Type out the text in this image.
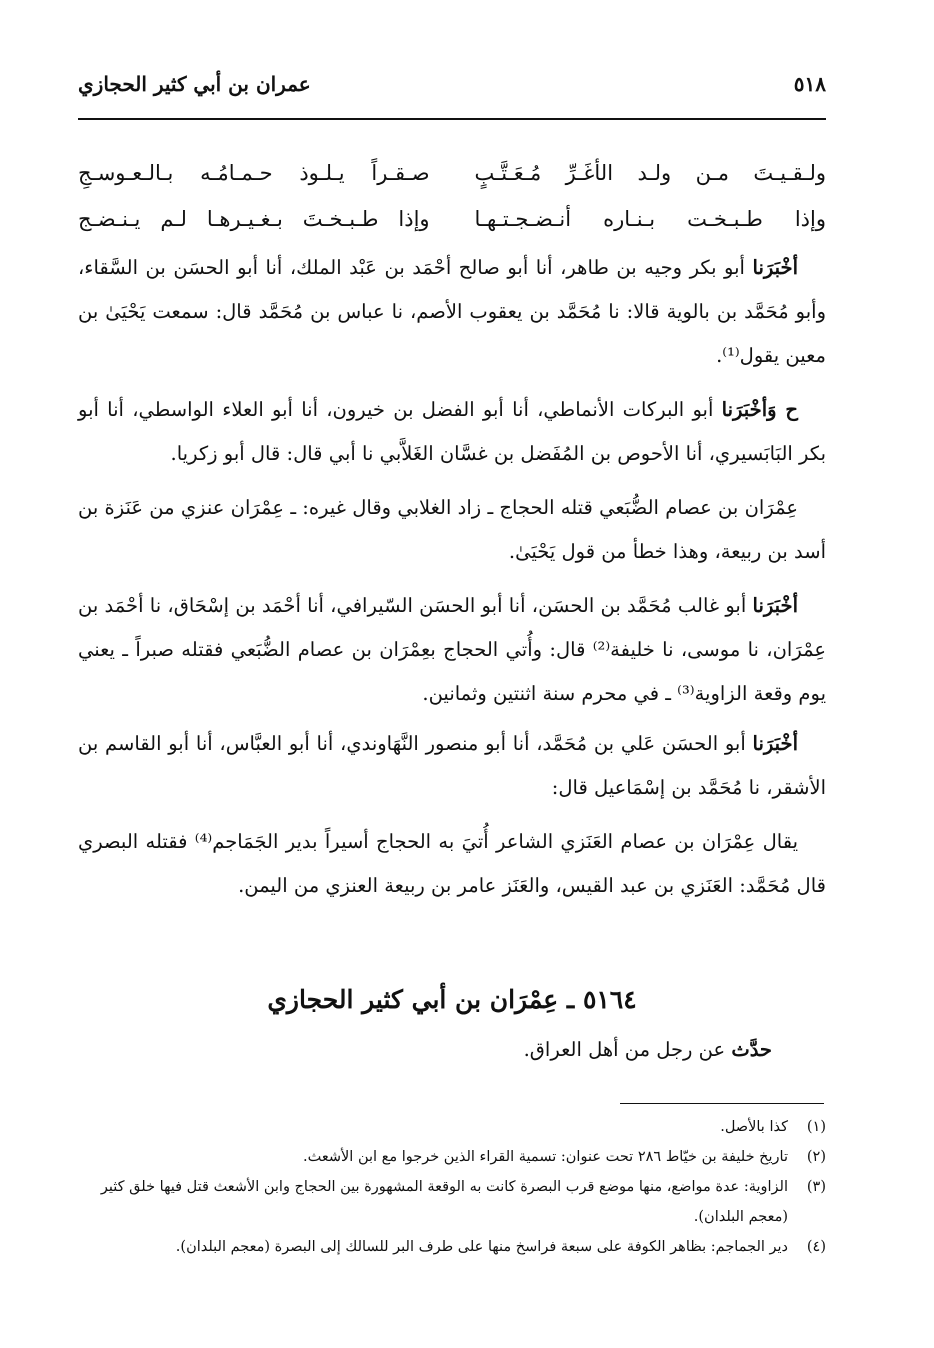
٥١٨
عمران بن أبي كثير الحجازي
ولـقـيـتَ مـن ولـد الأغَـرِّ مُـعَـتَّـبٍ
صـقـراً يـلـوذ حـمـامُـه بـالـعـوسـجِ
وإذا طـبـخـت بـنـاره أنـضـجـتـهـا
وإذا طـبـخـتَ بـغـيـرهـا لـم يـنـضـج

أخْبَرَنا أبو بكر وجيه بن طاهر، أنا أبو صالح أحْمَد بن عَبْد الملك، أنا أبو الحسَن بن السَّقاء، وأبو مُحَمَّد بن بالوية قالا: نا مُحَمَّد بن يعقوب الأصم، نا عباس بن مُحَمَّد قال: سمعت يَحْيَىٰ بن معين يقول⁽¹⁾.

ح وَأخْبَرَنا أبو البركات الأنماطي، أنا أبو الفضل بن خيرون، أنا أبو العلاء الواسطي، أنا أبو بكر البَابَسيري، أنا الأحوص بن المُفَضل بن غسَّان الغَلاَّبي نا أبي قال: قال أبو زكريا.

عِمْرَان بن عصام الضُّبَعي قتله الحجاج ـ زاد الغلابي وقال غيره: ـ عِمْرَان عنزي من عَنَزة بن أسد بن ربيعة، وهذا خطأ من قول يَحْيَىٰ.

أخْبَرَنا أبو غالب مُحَمَّد بن الحسَن، أنا أبو الحسَن السّيرافي، أنا أحْمَد بن إسْحَاق، نا أحْمَد بن عِمْرَان، نا موسى، نا خليفة⁽²⁾ قال: وأُتي الحجاج بعِمْرَان بن عصام الضُّبَعي فقتله صبراً ـ يعني يوم وقعة الزاوية⁽³⁾ ـ في محرم سنة اثنتين وثمانين.

أخْبَرَنا أبو الحسَن عَلي بن مُحَمَّد، أنا أبو منصور النَّهَاوندي، أنا أبو العبَّاس، أنا أبو القاسم بن الأشقر، نا مُحَمَّد بن إسْمَاعيل قال:

يقال عِمْرَان بن عصام العَنَزي الشاعر أُتيَ به الحجاج أسيراً بدير الجَمَاجم⁽⁴⁾ فقتله البصري قال مُحَمَّد: العَنَزي بن عبد القيس، والعَنَز عامر بن ربيعة العنزي من اليمن.

٥١٦٤ ـ عِمْرَان بن أبي كثير الحجازي
حدَّث عن رجل من أهل العراق.
(١)
كذا بالأصل.
(٢)
تاريخ خليفة بن خيّاط ٢٨٦ تحت عنوان: تسمية القراء الذين خرجوا مع ابن الأشعث.
(٣)
الزاوية: عدة مواضع، منها موضع قرب البصرة كانت به الوقعة المشهورة بين الحجاج وابن الأشعث قتل فيها خلق كثير (معجم البلدان).
(٤)
دير الجماجم: بظاهر الكوفة على سبعة فراسخ منها على طرف البر للسالك إلى البصرة (معجم البلدان).
